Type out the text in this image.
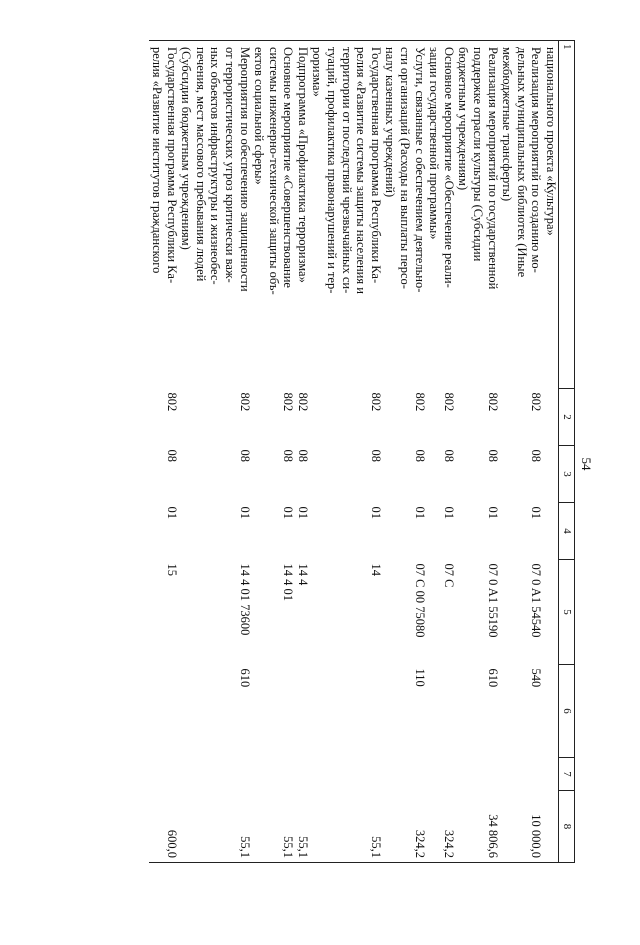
54
1	2	3	4	5	6	7	8
национального проекта «Культура»							
Реализация мероприятий по созданию мо-
дельных муниципальных библиотек (Иные
межбюджетные трансферты)	802	08	01	07 0 A1 54540	540		10 000,0
Реализация мероприятий по государственной
поддержке отрасли культуры (Субсидии
бюджетным учреждениям)	802	08	01	07 0 A1 55190	610		34 806,6
Основное мероприятие «Обеспечение реали-
зации государственной программы»	802	08	01	07 С			324,2
Услуги, связанные с обеспечением деятельно-
сти организаций (Расходы на выплаты персо-
налу казенных учреждений)	802	08	01	07 С 00 75080	110		324,2
Государственная программа Республики Ка-
релия «Развитие системы защиты населения и
территории от последствий чрезвычайных си-
туаций, профилактика правонарушений и тер-
роризма»	802	08	01	14			55,1
Подпрограмма «Профилактика терроризма»	802	08	01	14 4			55,1
Основное мероприятие «Совершенствование
системы инженерно-технической защиты объ-
ектов социальной сферы»	802	08	01	14 4 01			55,1
Мероприятия по обеспечению защищенности
от террористических угроз критически важ-
ных объектов инфраструктуры и жизнеобес-
печения, мест массового пребывания людей
(Субсидии бюджетным учреждениям)	802	08	01	14 4 01 73600	610		55,1
Государственная программа Республики Ка-
релия «Развитие институтов гражданского	802	08	01	15			600,0
